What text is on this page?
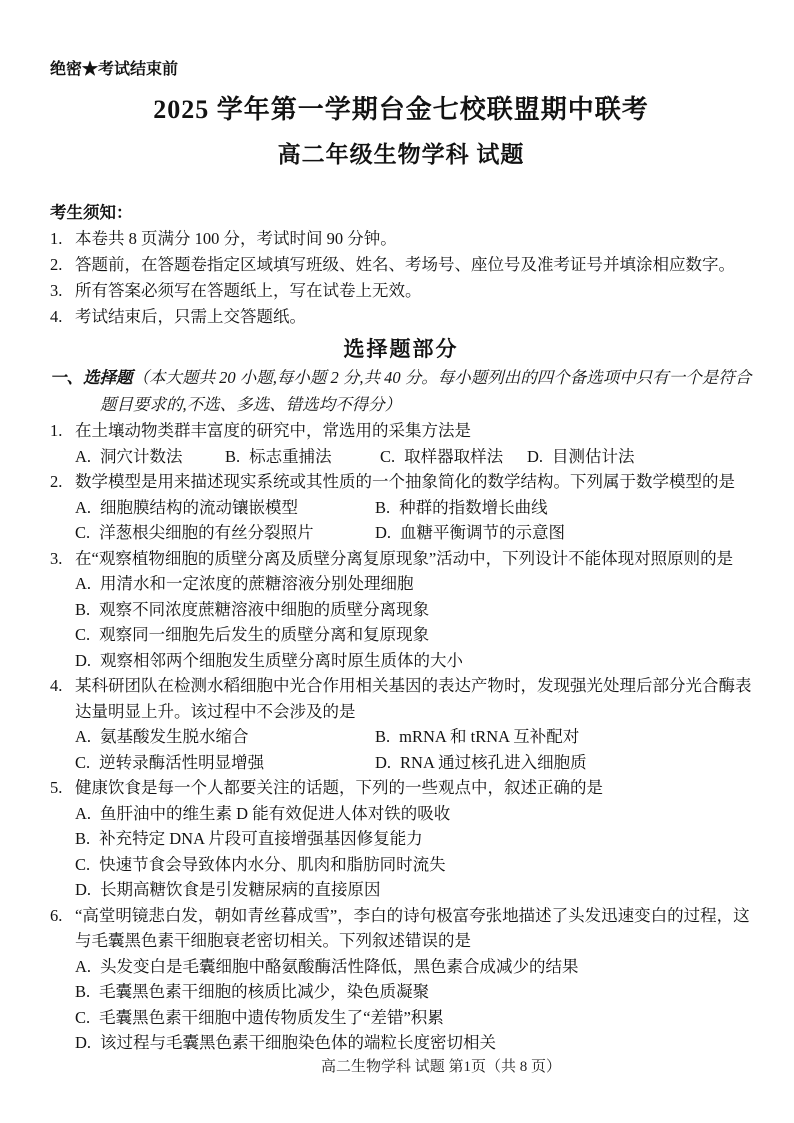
绝密★考试结束前
2025 学年第一学期台金七校联盟期中联考
高二年级生物学科 试题
考生须知：
1. 本卷共 8 页满分 100 分，考试时间 90 分钟。
2. 答题前，在答题卷指定区域填写班级、姓名、考场号、座位号及准考证号并填涂相应数字。
3. 所有答案必须写在答题纸上，写在试卷上无效。
4. 考试结束后，只需上交答题纸。
选择题部分
一、选择题（本大题共 20 小题,每小题 2 分,共 40 分。每小题列出的四个备选项中只有一个是符合题目要求的,不选、多选、错选均不得分）
1. 在土壤动物类群丰富度的研究中，常选用的采集方法是
A. 洞穴计数法	B. 标志重捕法	C. 取样器取样法	D. 目测估计法
2. 数学模型是用来描述现实系统或其性质的一个抽象简化的数学结构。下列属于数学模型的是
A. 细胞膜结构的流动镶嵌模型	B. 种群的指数增长曲线
C. 洋葱根尖细胞的有丝分裂照片	D. 血糖平衡调节的示意图
3. 在“观察植物细胞的质壁分离及质壁分离复原现象”活动中，下列设计不能体现对照原则的是
A. 用清水和一定浓度的蔗糖溶液分别处理细胞
B. 观察不同浓度蔗糖溶液中细胞的质壁分离现象
C. 观察同一细胞先后发生的质壁分离和复原现象
D. 观察相邻两个细胞发生质壁分离时原生质体的大小
4. 某科研团队在检测水稻细胞中光合作用相关基因的表达产物时，发现强光处理后部分光合酶表达量明显上升。该过程中不会涉及的是
A. 氨基酸发生脱水缩合	B. mRNA 和 tRNA 互补配对
C. 逆转录酶活性明显增强	D. RNA 通过核孔进入细胞质
5. 健康饮食是每一个人都要关注的话题，下列的一些观点中，叙述正确的是
A. 鱼肝油中的维生素 D 能有效促进人体对铁的吸收
B. 补充特定 DNA 片段可直接增强基因修复能力
C. 快速节食会导致体内水分、肌肉和脂肪同时流失
D. 长期高糖饮食是引发糖尿病的直接原因
6. “高堂明镜悲白发，朝如青丝暮成雪”，李白的诗句极富夸张地描述了头发迅速变白的过程，这与毛囊黑色素干细胞衰老密切相关。下列叙述错误的是
A. 头发变白是毛囊细胞中酪氨酸酶活性降低，黑色素合成减少的结果
B. 毛囊黑色素干细胞的核质比减少，染色质凝聚
C. 毛囊黑色素干细胞中遗传物质发生了“差错”积累
D. 该过程与毛囊黑色素干细胞染色体的端粒长度密切相关
高二生物学科 试题 第1页（共 8 页）
